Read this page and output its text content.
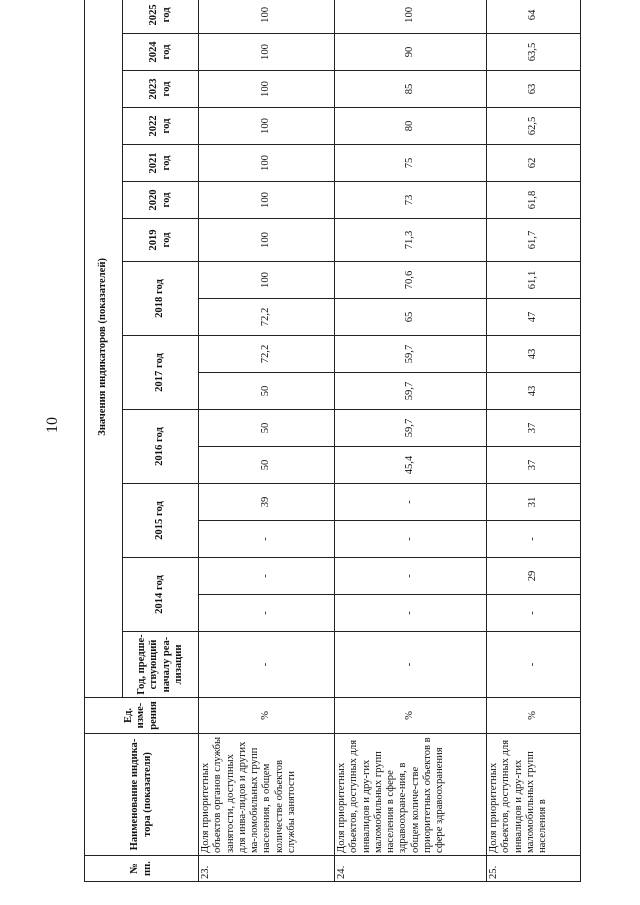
10
№ пп.	Наименование индика-тора (показателя)	Ед. изме-рения	Значения индикаторов (показателей)																	
			Год, предше-ствующий началу реа-лизации	2014 год		2015 год		2016 год		2017 год		2018 год		2019 год	2020 год	2021 год	2022 год	2023 год	2024 год	2025 год
23.	Доля приоритетных объектов органов службы занятости, доступных для инва-лидов и других ма-ломобильных групп населения, в общем количестве объектов службы занятости	%	-	-	-	-	39	50	50	50	72,2	72,2	100	100	100	100	100	100	100	100
24.	Доля приоритетных объектов, доступных для инвалидов и дру-гих маломобильных групп населения в сфере здравоохране-ния, в общем количе-стве приоритетных объектов в сфере здравоохранения	%	-	-	-	-	-	45,4	59,7	59,7	59,7	65	70,6	71,3	73	75	80	85	90	100
25.	Доля приоритетных объектов, доступных для инвалидов и дру-гих маломобильных групп населения в	%	-	-	29	-	31	37	37	43	43	47	61,1	61,7	61,8	62	62,5	63	63,5	64
